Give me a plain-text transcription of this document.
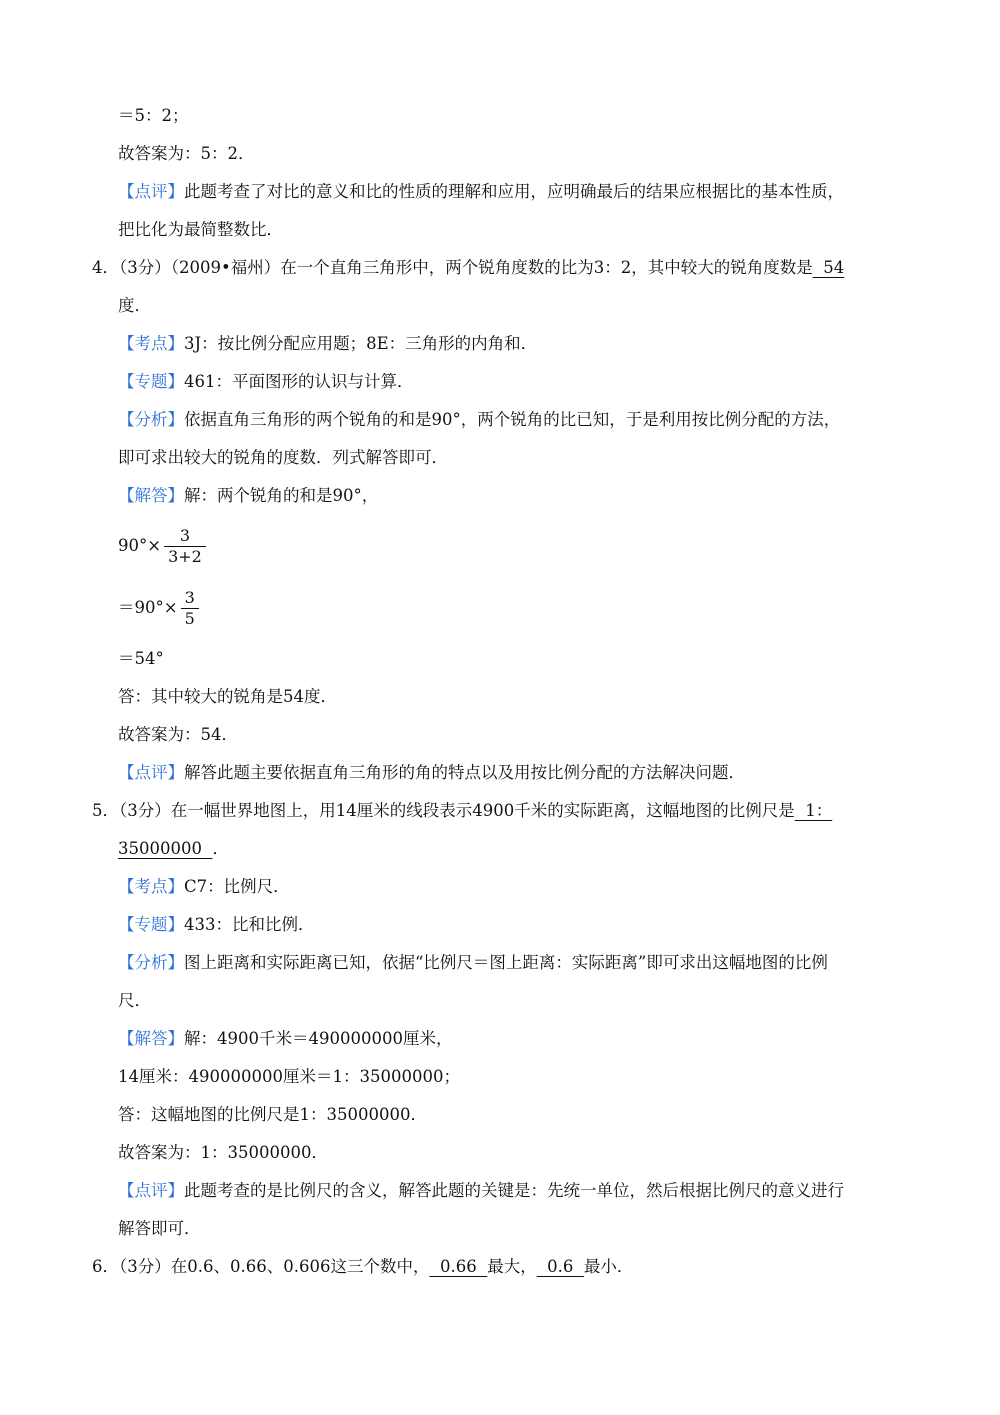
＝5：2；
故答案为：5：2．
【点评】此题考查了对比的意义和比的性质的理解和应用，应明确最后的结果应根据比的基本性质，
把比化为最简整数比．
4．（3分）（2009•福州）在一个直角三角形中，两个锐角度数的比为3：2，其中较大的锐角度数是  54
度．
【考点】3J：按比例分配应用题；8E：三角形的内角和．
【专题】461：平面图形的认识与计算．
【分析】依据直角三角形的两个锐角的和是90°，两个锐角的比已知，于是利用按比例分配的方法，
即可求出较大的锐角的度数．列式解答即可．
【解答】解：两个锐角的和是90°，
$90^\circ\times \frac{3}{3+2}$
$=90^\circ\times \frac{3}{5}$
＝54°
答：其中较大的锐角是54度．
故答案为：54．
【点评】解答此题主要依据直角三角形的角的特点以及用按比例分配的方法解决问题．
5．（3分）在一幅世界地图上，用14厘米的线段表示4900千米的实际距离，这幅地图的比例尺是  1：
35000000  ．
【考点】C7：比例尺．
【专题】433：比和比例．
【分析】图上距离和实际距离已知，依据“比例尺＝图上距离：实际距离”即可求出这幅地图的比例
尺．
【解答】解：4900千米＝490000000厘米，
14厘米：490000000厘米＝1：35000000；
答：这幅地图的比例尺是1：35000000．
故答案为：1：35000000．
【点评】此题考查的是比例尺的含义，解答此题的关键是：先统一单位，然后根据比例尺的意义进行
解答即可．
6．（3分）在0.6、0.66、0.606这三个数中，  0.66  最大，  0.6  最小．
